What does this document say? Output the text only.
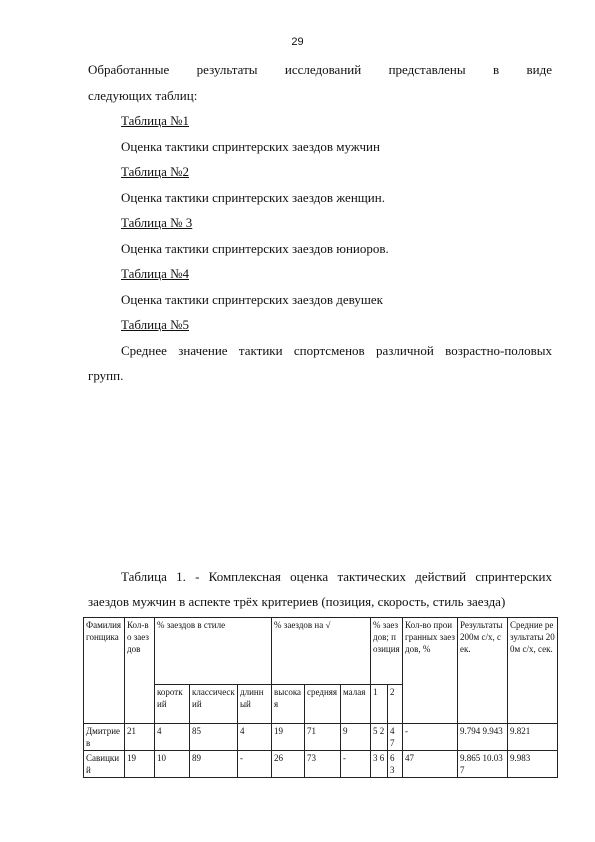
29
Обработанные результаты исследований представлены в виде
следующих таблиц:
Таблица №1
Оценка тактики спринтерских заездов мужчин
Таблица №2
Оценка тактики спринтерских заездов женщин.
Таблица № 3
Оценка тактики спринтерских заездов юниоров.
Таблица №4
Оценка тактики спринтерских заездов девушек
Таблица №5
Среднее значение тактики спортсменов различной возрастно-половых
групп.
Таблица 1. - Комплексная оценка тактических действий спринтерских
заездов мужчин в аспекте трёх критериев (позиция, скорость, стиль заезда)
Фамилия гонщика	Кол-во заездов	% заездов в стиле			% заездов на √			% заездов; позиция		Кол-во проигранных заездов, %	Результаты 200м с/х, сек.	Средние результаты 200м с/х, сек.
		короткий	классический	длинный	высокая	средняя	малая	1	2			
Дмитриев	21	4	85	4	19	71	9	5 2	4 7	-	9.794 9.943	9.821
Савицкий	19	10	89	-	26	73	-	3 6	6 3	47	9.865 10.037	9.983
